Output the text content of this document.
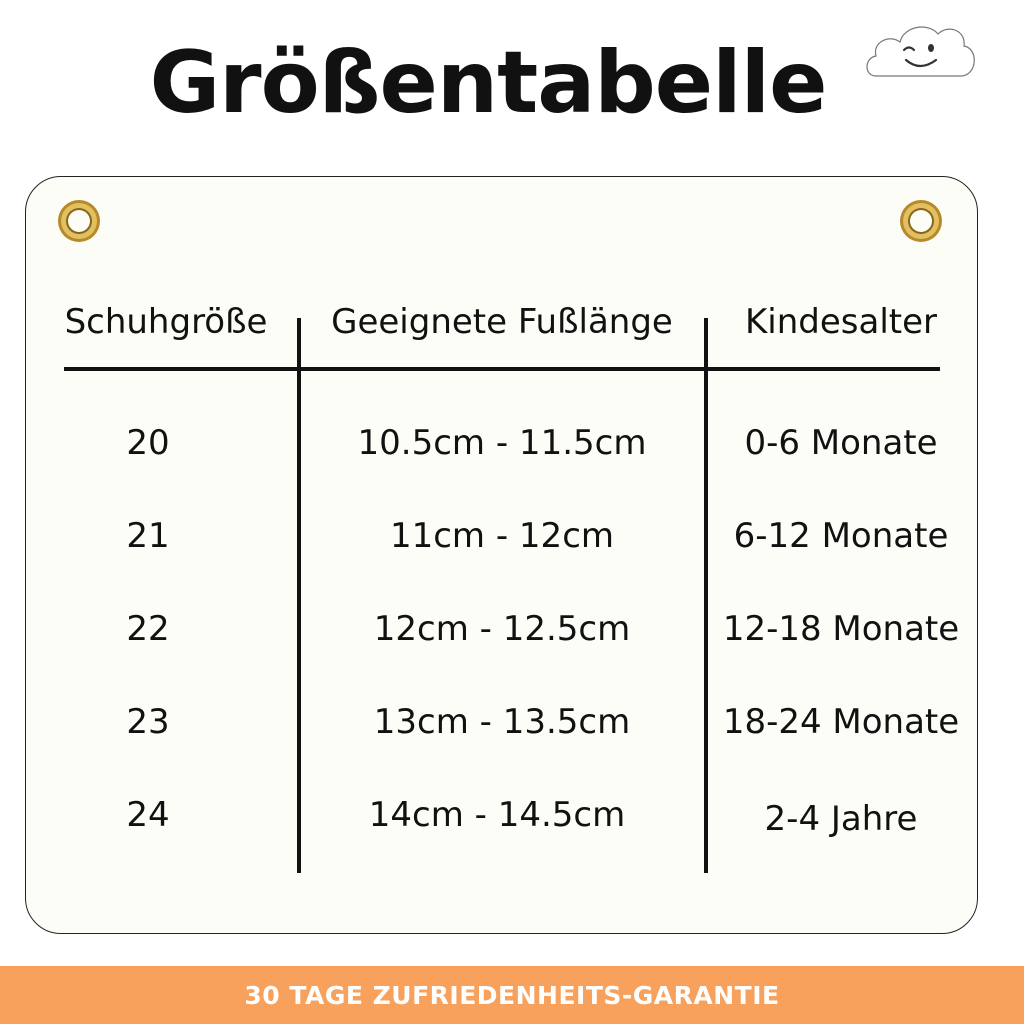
Größentabelle
Schuhgröße	Geeignete Fußlänge	Kindesalter
20	10.5cm - 11.5cm	0-6 Monate
21	11cm - 12cm	6-12 Monate
22	12cm - 12.5cm	12-18 Monate
23	13cm - 13.5cm	18-24 Monate
24	14cm - 14.5cm	2-4 Jahre
30 TAGE ZUFRIEDENHEITS-GARANTIE
